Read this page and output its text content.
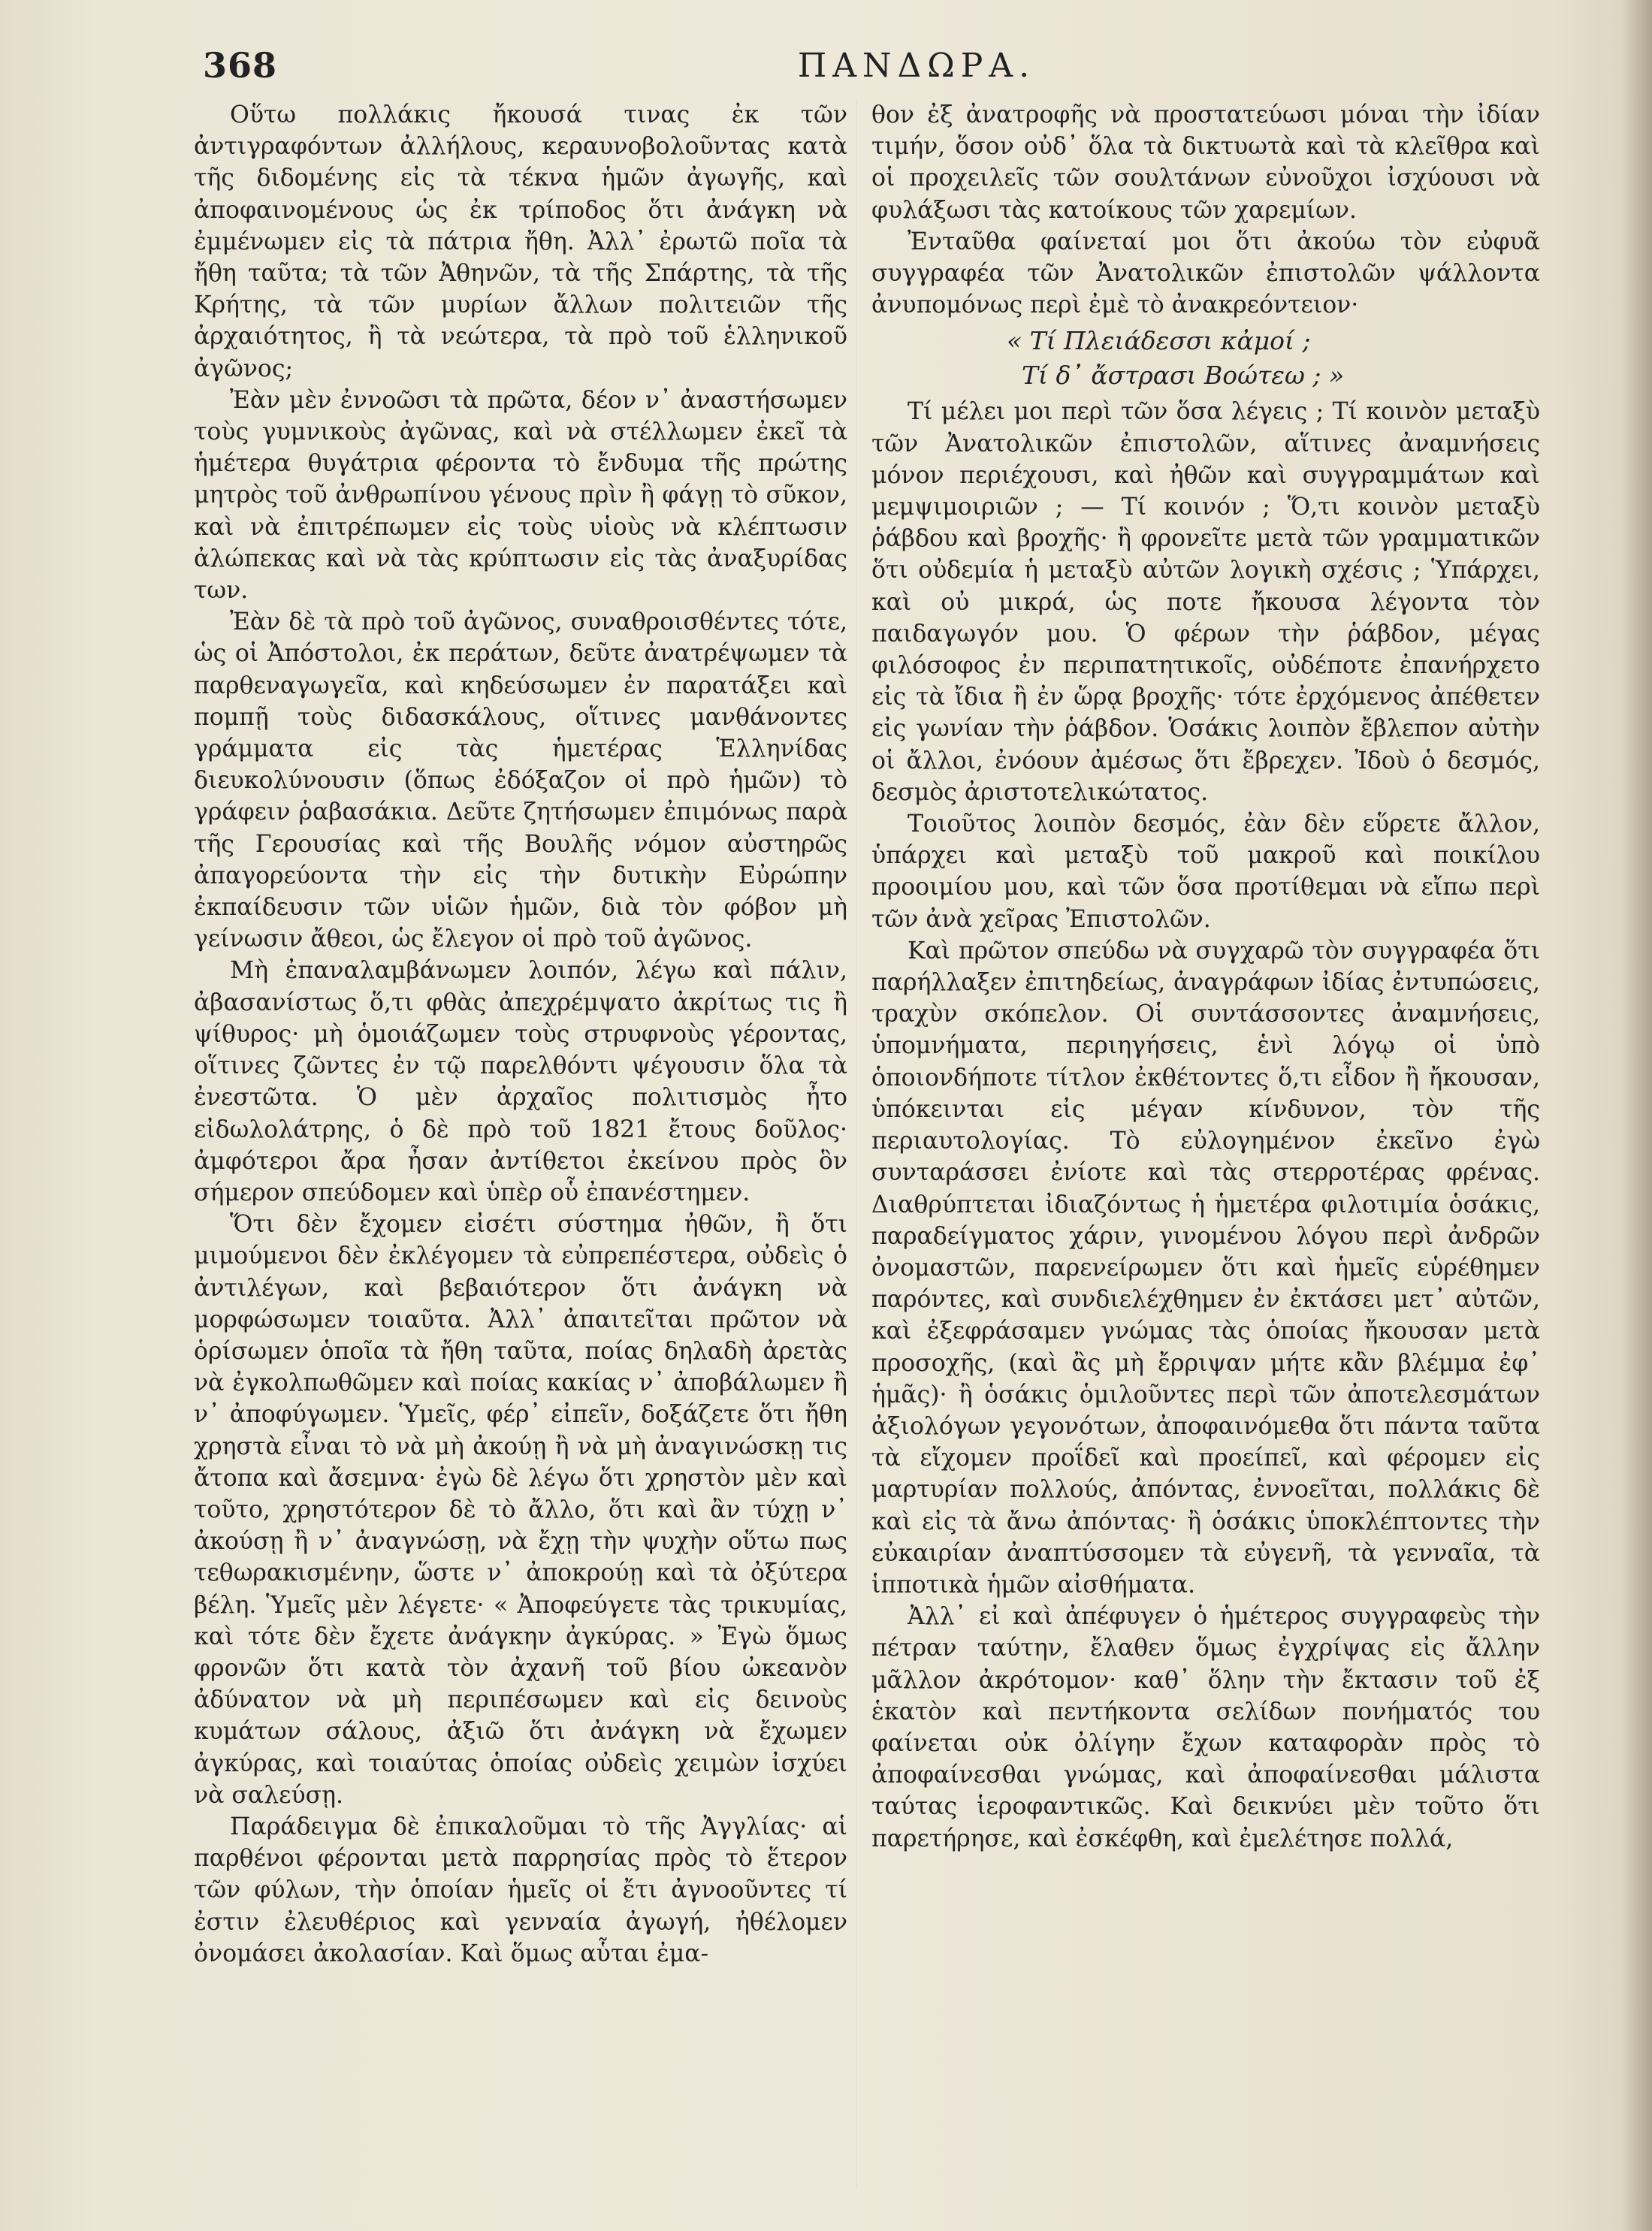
368	ΠΑΝΔΩΡΑ.

Οὕτω πολλάκις ἤκουσά τινας ἐκ τῶν ἀντιγραφόντων ἀλλήλους, κεραυνοβολοῦντας κατὰ τῆς διδομένης εἰς τὰ τέκνα ἡμῶν ἀγωγῆς, καὶ ἀποφαινομένους ὡς ἐκ τρίποδος ὅτι ἀνάγκη νὰ ἐμμένωμεν εἰς τὰ πάτρια ἤθη. Ἀλλ᾽ ἐρωτῶ ποῖα τὰ ἤθη ταῦτα; τὰ τῶν Ἀθηνῶν, τὰ τῆς Σπάρτης, τὰ τῆς Κρήτης, τὰ τῶν μυρίων ἄλλων πολιτειῶν τῆς ἀρχαιότητος, ἢ τὰ νεώτερα, τὰ πρὸ τοῦ ἑλληνικοῦ ἀγῶνος;

Ἐὰν μὲν ἐννοῶσι τὰ πρῶτα, δέον ν᾽ ἀναστήσωμεν τοὺς γυμνικοὺς ἀγῶνας, καὶ νὰ στέλλωμεν ἐκεῖ τὰ ἡμέτερα θυγάτρια φέροντα τὸ ἔνδυμα τῆς πρώτης μητρὸς τοῦ ἀνθρωπίνου γένους πρὶν ἢ φάγῃ τὸ σῦκον, καὶ νὰ ἐπιτρέπωμεν εἰς τοὺς υἱοὺς νὰ κλέπτωσιν ἀλώπεκας καὶ νὰ τὰς κρύπτωσιν εἰς τὰς ἀναξυρίδας των.

Ἐὰν δὲ τὰ πρὸ τοῦ ἀγῶνος, συναθροισθέντες τότε, ὡς οἱ Ἀπόστολοι, ἐκ περάτων, δεῦτε ἀνατρέψωμεν τὰ παρθεναγωγεῖα, καὶ κηδεύσωμεν ἐν παρατάξει καὶ πομπῇ τοὺς διδασκάλους, οἵτινες μανθάνοντες γράμματα εἰς τὰς ἡμετέρας Ἑλληνίδας διευκολύνουσιν (ὅπως ἐδόξαζον οἱ πρὸ ἡμῶν) τὸ γράφειν ῥαβασάκια. Δεῦτε ζητήσωμεν ἐπιμόνως παρὰ τῆς Γερουσίας καὶ τῆς Βουλῆς νόμον αὐστηρῶς ἀπαγορεύοντα τὴν εἰς τὴν δυτικὴν Εὐρώπην ἐκπαίδευσιν τῶν υἱῶν ἡμῶν, διὰ τὸν φόβον μὴ γείνωσιν ἄθεοι, ὡς ἔλεγον οἱ πρὸ τοῦ ἀγῶνος.

Μὴ ἐπαναλαμβάνωμεν λοιπόν, λέγω καὶ πάλιν, ἀβασανίστως ὅ,τι φθὰς ἀπεχρέμψατο ἀκρίτως τις ἢ ψίθυρος· μὴ ὁμοιάζωμεν τοὺς στρυφνοὺς γέροντας, οἵτινες ζῶντες ἐν τῷ παρελθόντι ψέγουσιν ὅλα τὰ ἐνεστῶτα. Ὁ μὲν ἀρχαῖος πολιτισμὸς ἦτο εἰδωλολάτρης, ὁ δὲ πρὸ τοῦ 1821 ἔτους δοῦλος· ἀμφότεροι ἄρα ἦσαν ἀντίθετοι ἐκείνου πρὸς ὃν σήμερον σπεύδομεν καὶ ὑπὲρ οὗ ἐπανέστημεν.

Ὅτι δὲν ἔχομεν εἰσέτι σύστημα ἠθῶν, ἢ ὅτι μιμούμενοι δὲν ἐκλέγομεν τὰ εὐπρεπέστερα, οὐδεὶς ὁ ἀντιλέγων, καὶ βεβαιότερον ὅτι ἀνάγκη νὰ μορφώσωμεν τοιαῦτα. Ἀλλ᾽ ἀπαιτεῖται πρῶτον νὰ ὁρίσωμεν ὁποῖα τὰ ἤθη ταῦτα, ποίας δηλαδὴ ἀρετὰς νὰ ἐγκολπωθῶμεν καὶ ποίας κακίας ν᾽ ἀποβάλωμεν ἢ ν᾽ ἀποφύγωμεν. Ὑμεῖς, φέρ᾽ εἰπεῖν, δοξάζετε ὅτι ἤθη χρηστὰ εἶναι τὸ νὰ μὴ ἀκούῃ ἢ νὰ μὴ ἀναγινώσκῃ τις ἄτοπα καὶ ἄσεμνα· ἐγὼ δὲ λέγω ὅτι χρηστὸν μὲν καὶ τοῦτο, χρηστότερον δὲ τὸ ἄλλο, ὅτι καὶ ἂν τύχῃ ν᾽ ἀκούσῃ ἢ ν᾽ ἀναγνώσῃ, νὰ ἔχῃ τὴν ψυχὴν οὕτω πως τεθωρακισμένην, ὥστε ν᾽ ἀποκρούῃ καὶ τὰ ὀξύτερα βέλη. Ὑμεῖς μὲν λέγετε· « Ἀποφεύγετε τὰς τρικυμίας, καὶ τότε δὲν ἔχετε ἀνάγκην ἀγκύρας. » Ἐγὼ ὅμως φρονῶν ὅτι κατὰ τὸν ἀχανῆ τοῦ βίου ὠκεανὸν ἀδύνατον νὰ μὴ περιπέσωμεν καὶ εἰς δεινοὺς κυμάτων σάλους, ἀξιῶ ὅτι ἀνάγκη νὰ ἔχωμεν ἀγκύρας, καὶ τοιαύτας ὁποίας οὐδεὶς χειμὼν ἰσχύει νὰ σαλεύσῃ.

Παράδειγμα δὲ ἐπικαλοῦμαι τὸ τῆς Ἀγγλίας· αἱ παρθένοι φέρονται μετὰ παρρησίας πρὸς τὸ ἕτερον τῶν φύλων, τὴν ὁποίαν ἡμεῖς οἱ ἔτι ἀγνοοῦντες τί ἐστιν ἐλευθέριος καὶ γενναία ἀγωγή, ἠθέλομεν ὀνομάσει ἀκολασίαν. Καὶ ὅμως αὗται ἐμα-

θον ἐξ ἀνατροφῆς νὰ προστατεύωσι μόναι τὴν ἰδίαν τιμήν, ὅσον οὐδ᾽ ὅλα τὰ δικτυωτὰ καὶ τὰ κλεῖθρα καὶ οἱ προχειλεῖς τῶν σουλτάνων εὐνοῦχοι ἰσχύουσι νὰ φυλάξωσι τὰς κατοίκους τῶν χαρεμίων.

Ἐνταῦθα φαίνεταί μοι ὅτι ἀκούω τὸν εὐφυᾶ συγγραφέα τῶν Ἀνατολικῶν ἐπιστολῶν ψάλλοντα ἀνυπομόνως περὶ ἐμὲ τὸ ἀνακρεόντειον·

« Τί Πλειάδεσσι κἀμοί ;
Τί δ᾽ ἄστρασι Βοώτεω ; »

Τί μέλει μοι περὶ τῶν ὅσα λέγεις ; Τί κοινὸν μεταξὺ τῶν Ἀνατολικῶν ἐπιστολῶν, αἵτινες ἀναμνήσεις μόνον περιέχουσι, καὶ ἠθῶν καὶ συγγραμμάτων καὶ μεμψιμοιριῶν ; — Τί κοινόν ; Ὅ,τι κοινὸν μεταξὺ ῥάβδου καὶ βροχῆς· ἢ φρονεῖτε μετὰ τῶν γραμματικῶν ὅτι οὐδεμία ἡ μεταξὺ αὐτῶν λογικὴ σχέσις ; Ὑπάρχει, καὶ οὐ μικρά, ὡς ποτε ἤκουσα λέγοντα τὸν παιδαγωγόν μου. Ὁ φέρων τὴν ῥάβδον, μέγας φιλόσοφος ἐν περιπατητικοῖς, οὐδέποτε ἐπανήρχετο εἰς τὰ ἴδια ἢ ἐν ὥρᾳ βροχῆς· τότε ἐρχόμενος ἀπέθετεν εἰς γωνίαν τὴν ῥάβδον. Ὁσάκις λοιπὸν ἔβλεπον αὐτὴν οἱ ἄλλοι, ἐνόουν ἀμέσως ὅτι ἔβρεχεν. Ἰδοὺ ὁ δεσμός, δεσμὸς ἀριστοτελικώτατος.

Τοιοῦτος λοιπὸν δεσμός, ἐὰν δὲν εὕρετε ἄλλον, ὑπάρχει καὶ μεταξὺ τοῦ μακροῦ καὶ ποικίλου προοιμίου μου, καὶ τῶν ὅσα προτίθεμαι νὰ εἴπω περὶ τῶν ἀνὰ χεῖρας Ἐπιστολῶν.

Καὶ πρῶτον σπεύδω νὰ συγχαρῶ τὸν συγγραφέα ὅτι παρήλλαξεν ἐπιτηδείως, ἀναγράφων ἰδίας ἐντυπώσεις, τραχὺν σκόπελον. Οἱ συντάσσοντες ἀναμνήσεις, ὑπομνήματα, περιηγήσεις, ἑνὶ λόγῳ οἱ ὑπὸ ὁποιονδήποτε τίτλον ἐκθέτοντες ὅ,τι εἶδον ἢ ἤκουσαν, ὑπόκεινται εἰς μέγαν κίνδυνον, τὸν τῆς περιαυτολογίας. Τὸ εὐλογημένον ἐκεῖνο ἐγὼ συνταράσσει ἐνίοτε καὶ τὰς στερροτέρας φρένας. Διαθρύπτεται ἰδιαζόντως ἡ ἡμετέρα φιλοτιμία ὁσάκις, παραδείγματος χάριν, γινομένου λόγου περὶ ἀνδρῶν ὀνομαστῶν, παρενείρωμεν ὅτι καὶ ἡμεῖς εὑρέθημεν παρόντες, καὶ συνδιελέχθημεν ἐν ἐκτάσει μετ᾽ αὐτῶν, καὶ ἐξεφράσαμεν γνώμας τὰς ὁποίας ἤκουσαν μετὰ προσοχῆς, (καὶ ἂς μὴ ἔρριψαν μήτε κἂν βλέμμα ἐφ᾽ ἡμᾶς)· ἢ ὁσάκις ὁμιλοῦντες περὶ τῶν ἀποτελεσμάτων ἀξιολόγων γεγονότων, ἀποφαινόμεθα ὅτι πάντα ταῦτα τὰ εἴχομεν προΐδεῖ καὶ προείπεῖ, καὶ φέρομεν εἰς μαρτυρίαν πολλούς, ἀπόντας, ἐννοεῖται, πολλάκις δὲ καὶ εἰς τὰ ἄνω ἀπόντας· ἢ ὁσάκις ὑποκλέπτοντες τὴν εὐκαιρίαν ἀναπτύσσομεν τὰ εὐγενῆ, τὰ γενναῖα, τὰ ἱπποτικὰ ἡμῶν αἰσθήματα.

Ἀλλ᾽ εἰ καὶ ἀπέφυγεν ὁ ἡμέτερος συγγραφεὺς τὴν πέτραν ταύτην, ἔλαθεν ὅμως ἐγχρίψας εἰς ἄλλην μᾶλλον ἀκρότομον· καθ᾽ ὅλην τὴν ἔκτασιν τοῦ ἐξ ἑκατὸν καὶ πεντήκοντα σελίδων πονήματός του φαίνεται οὐκ ὀλίγην ἔχων καταφορὰν πρὸς τὸ ἀποφαίνεσθαι γνώμας, καὶ ἀποφαίνεσθαι μάλιστα ταύτας ἱεροφαντικῶς. Καὶ δεικνύει μὲν τοῦτο ὅτι παρετήρησε, καὶ ἐσκέφθη, καὶ ἐμελέτησε πολλά,
